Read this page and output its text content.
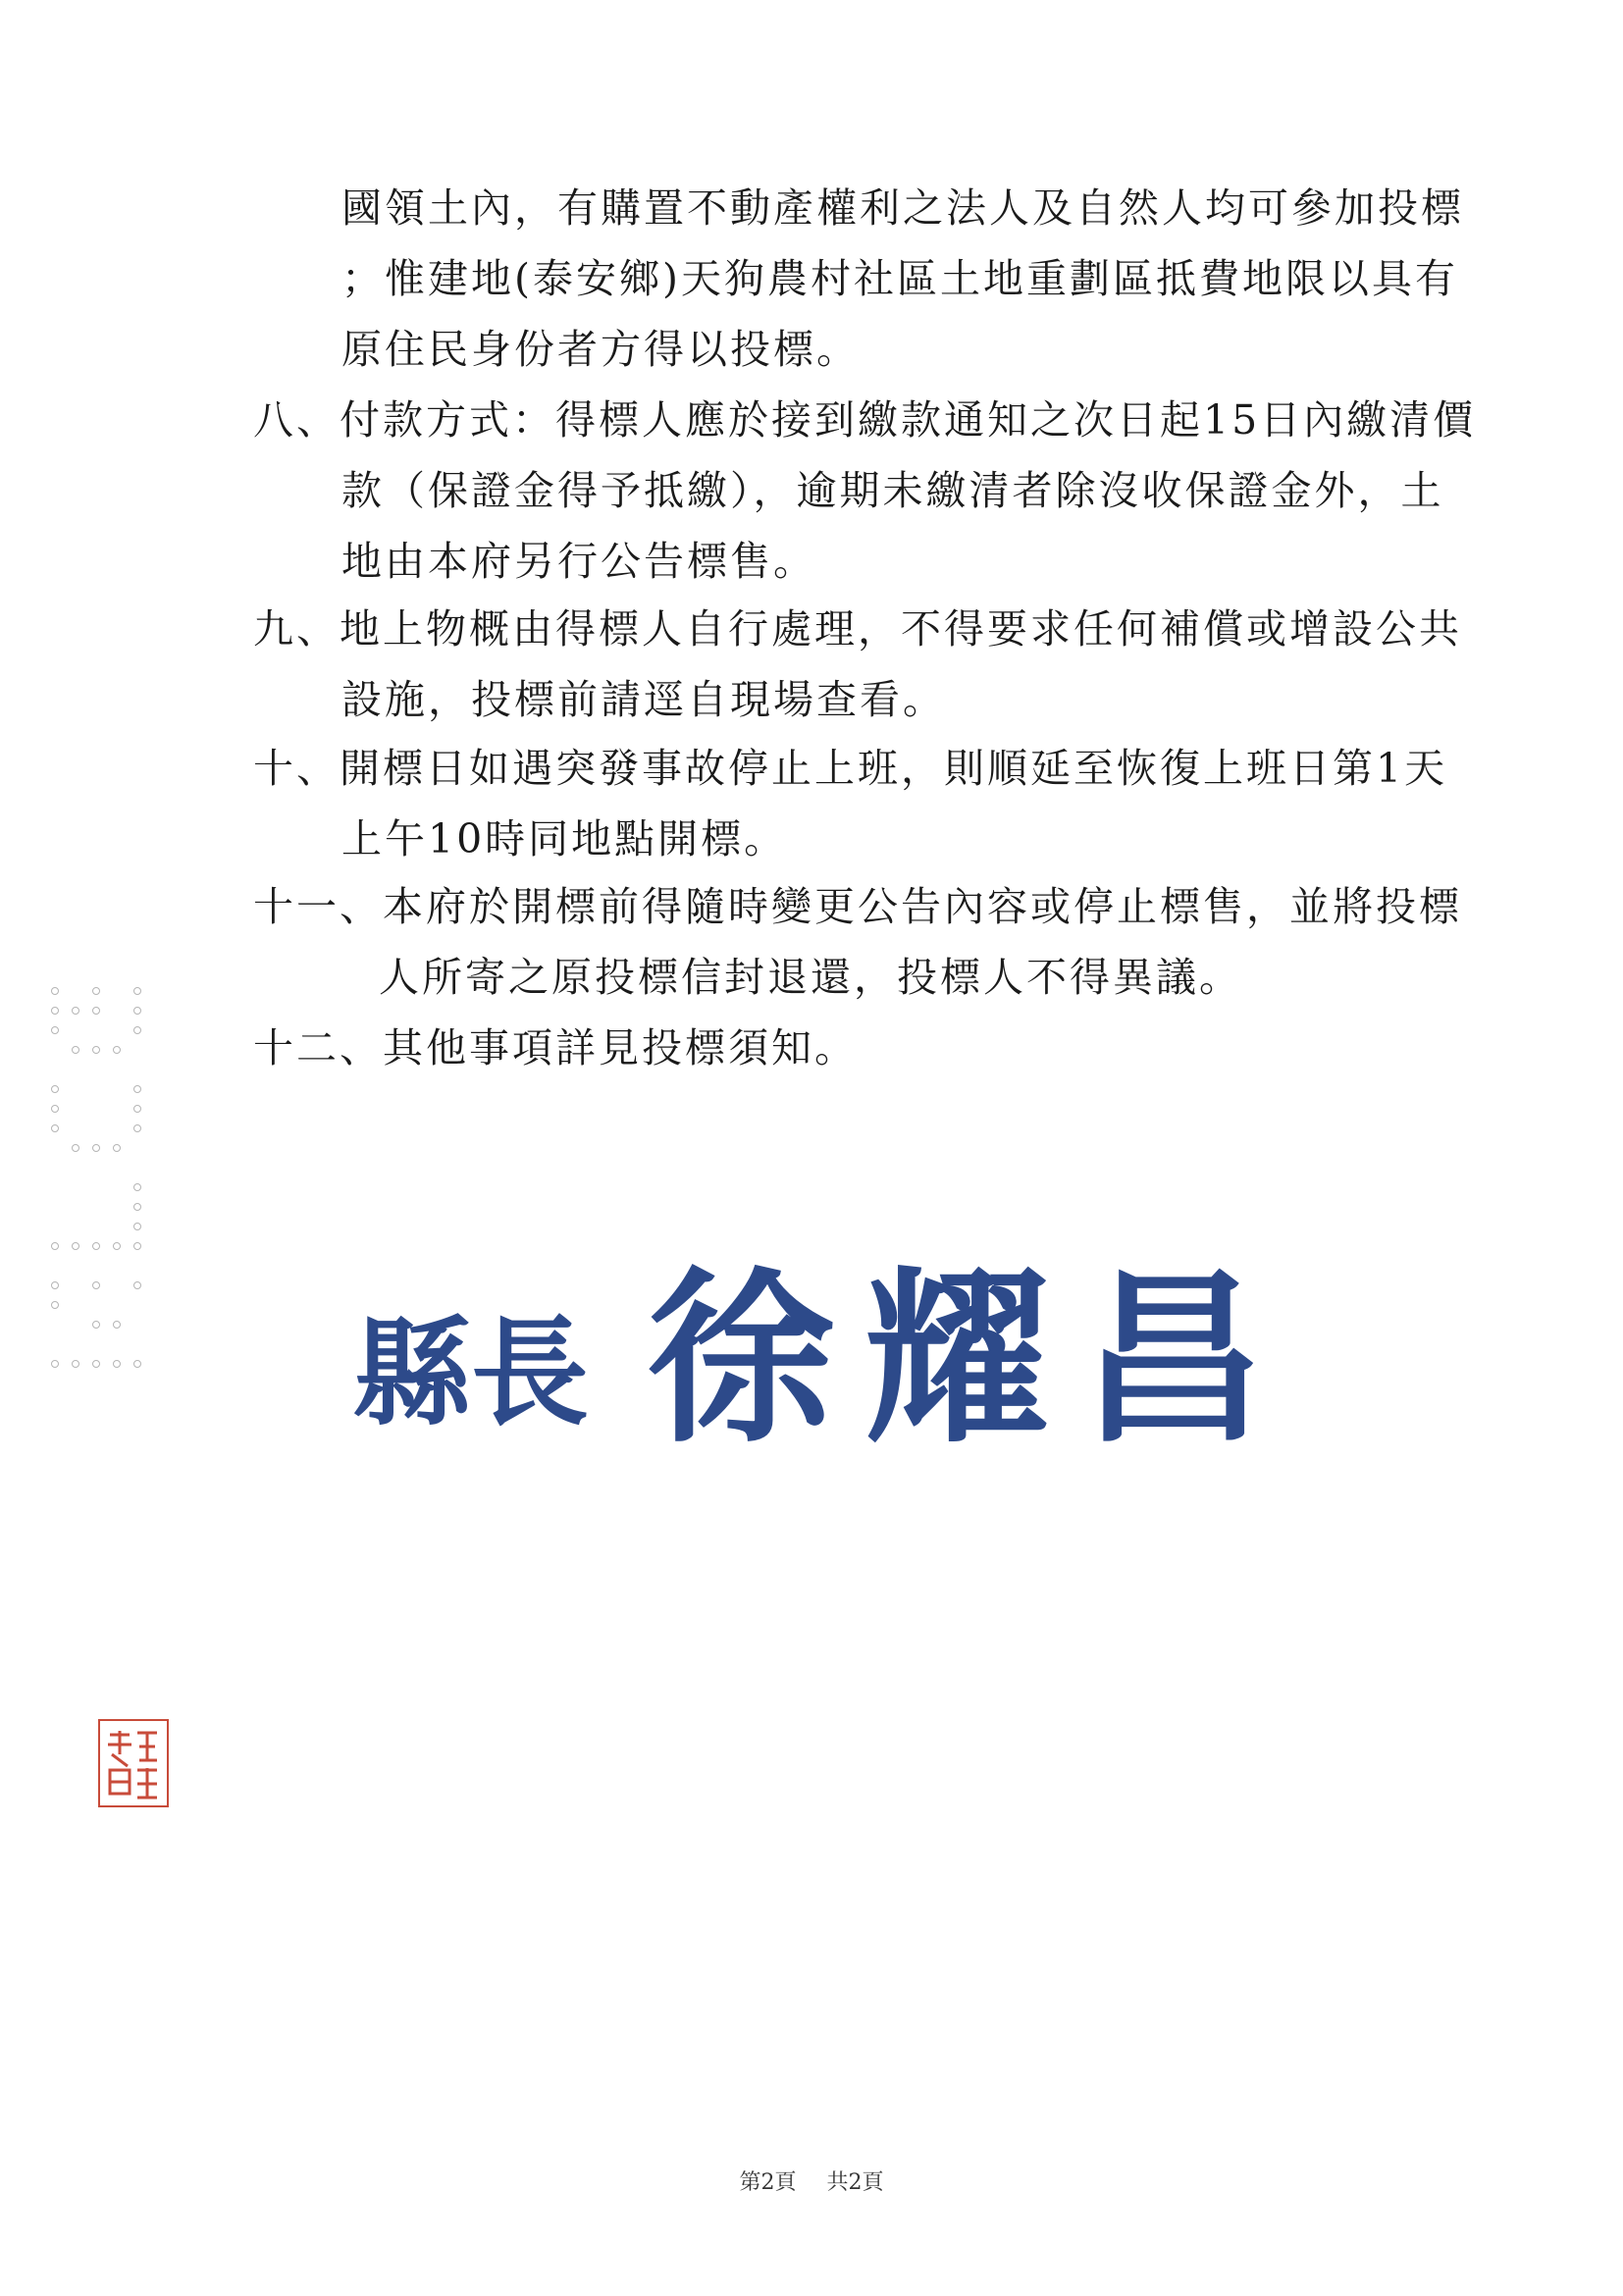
國領土內，有購置不動產權利之法人及自然人均可參加投標
；惟建地(泰安鄉)天狗農村社區土地重劃區抵費地限以具有
原住民身份者方得以投標。
八、付款方式：得標人應於接到繳款通知之次日起15日內繳清價
款（保證金得予抵繳），逾期未繳清者除沒收保證金外，土
地由本府另行公告標售。
九、地上物概由得標人自行處理，不得要求任何補償或增設公共
設施，投標前請逕自現場查看。
十、開標日如遇突發事故停止上班，則順延至恢復上班日第1天
上午10時同地點開標。
十一、本府於開標前得隨時變更公告內容或停止標售，並將投標
人所寄之原投標信封退還，投標人不得異議。
十二、其他事項詳見投標須知。
縣長 徐耀昌
第2頁 共2頁
